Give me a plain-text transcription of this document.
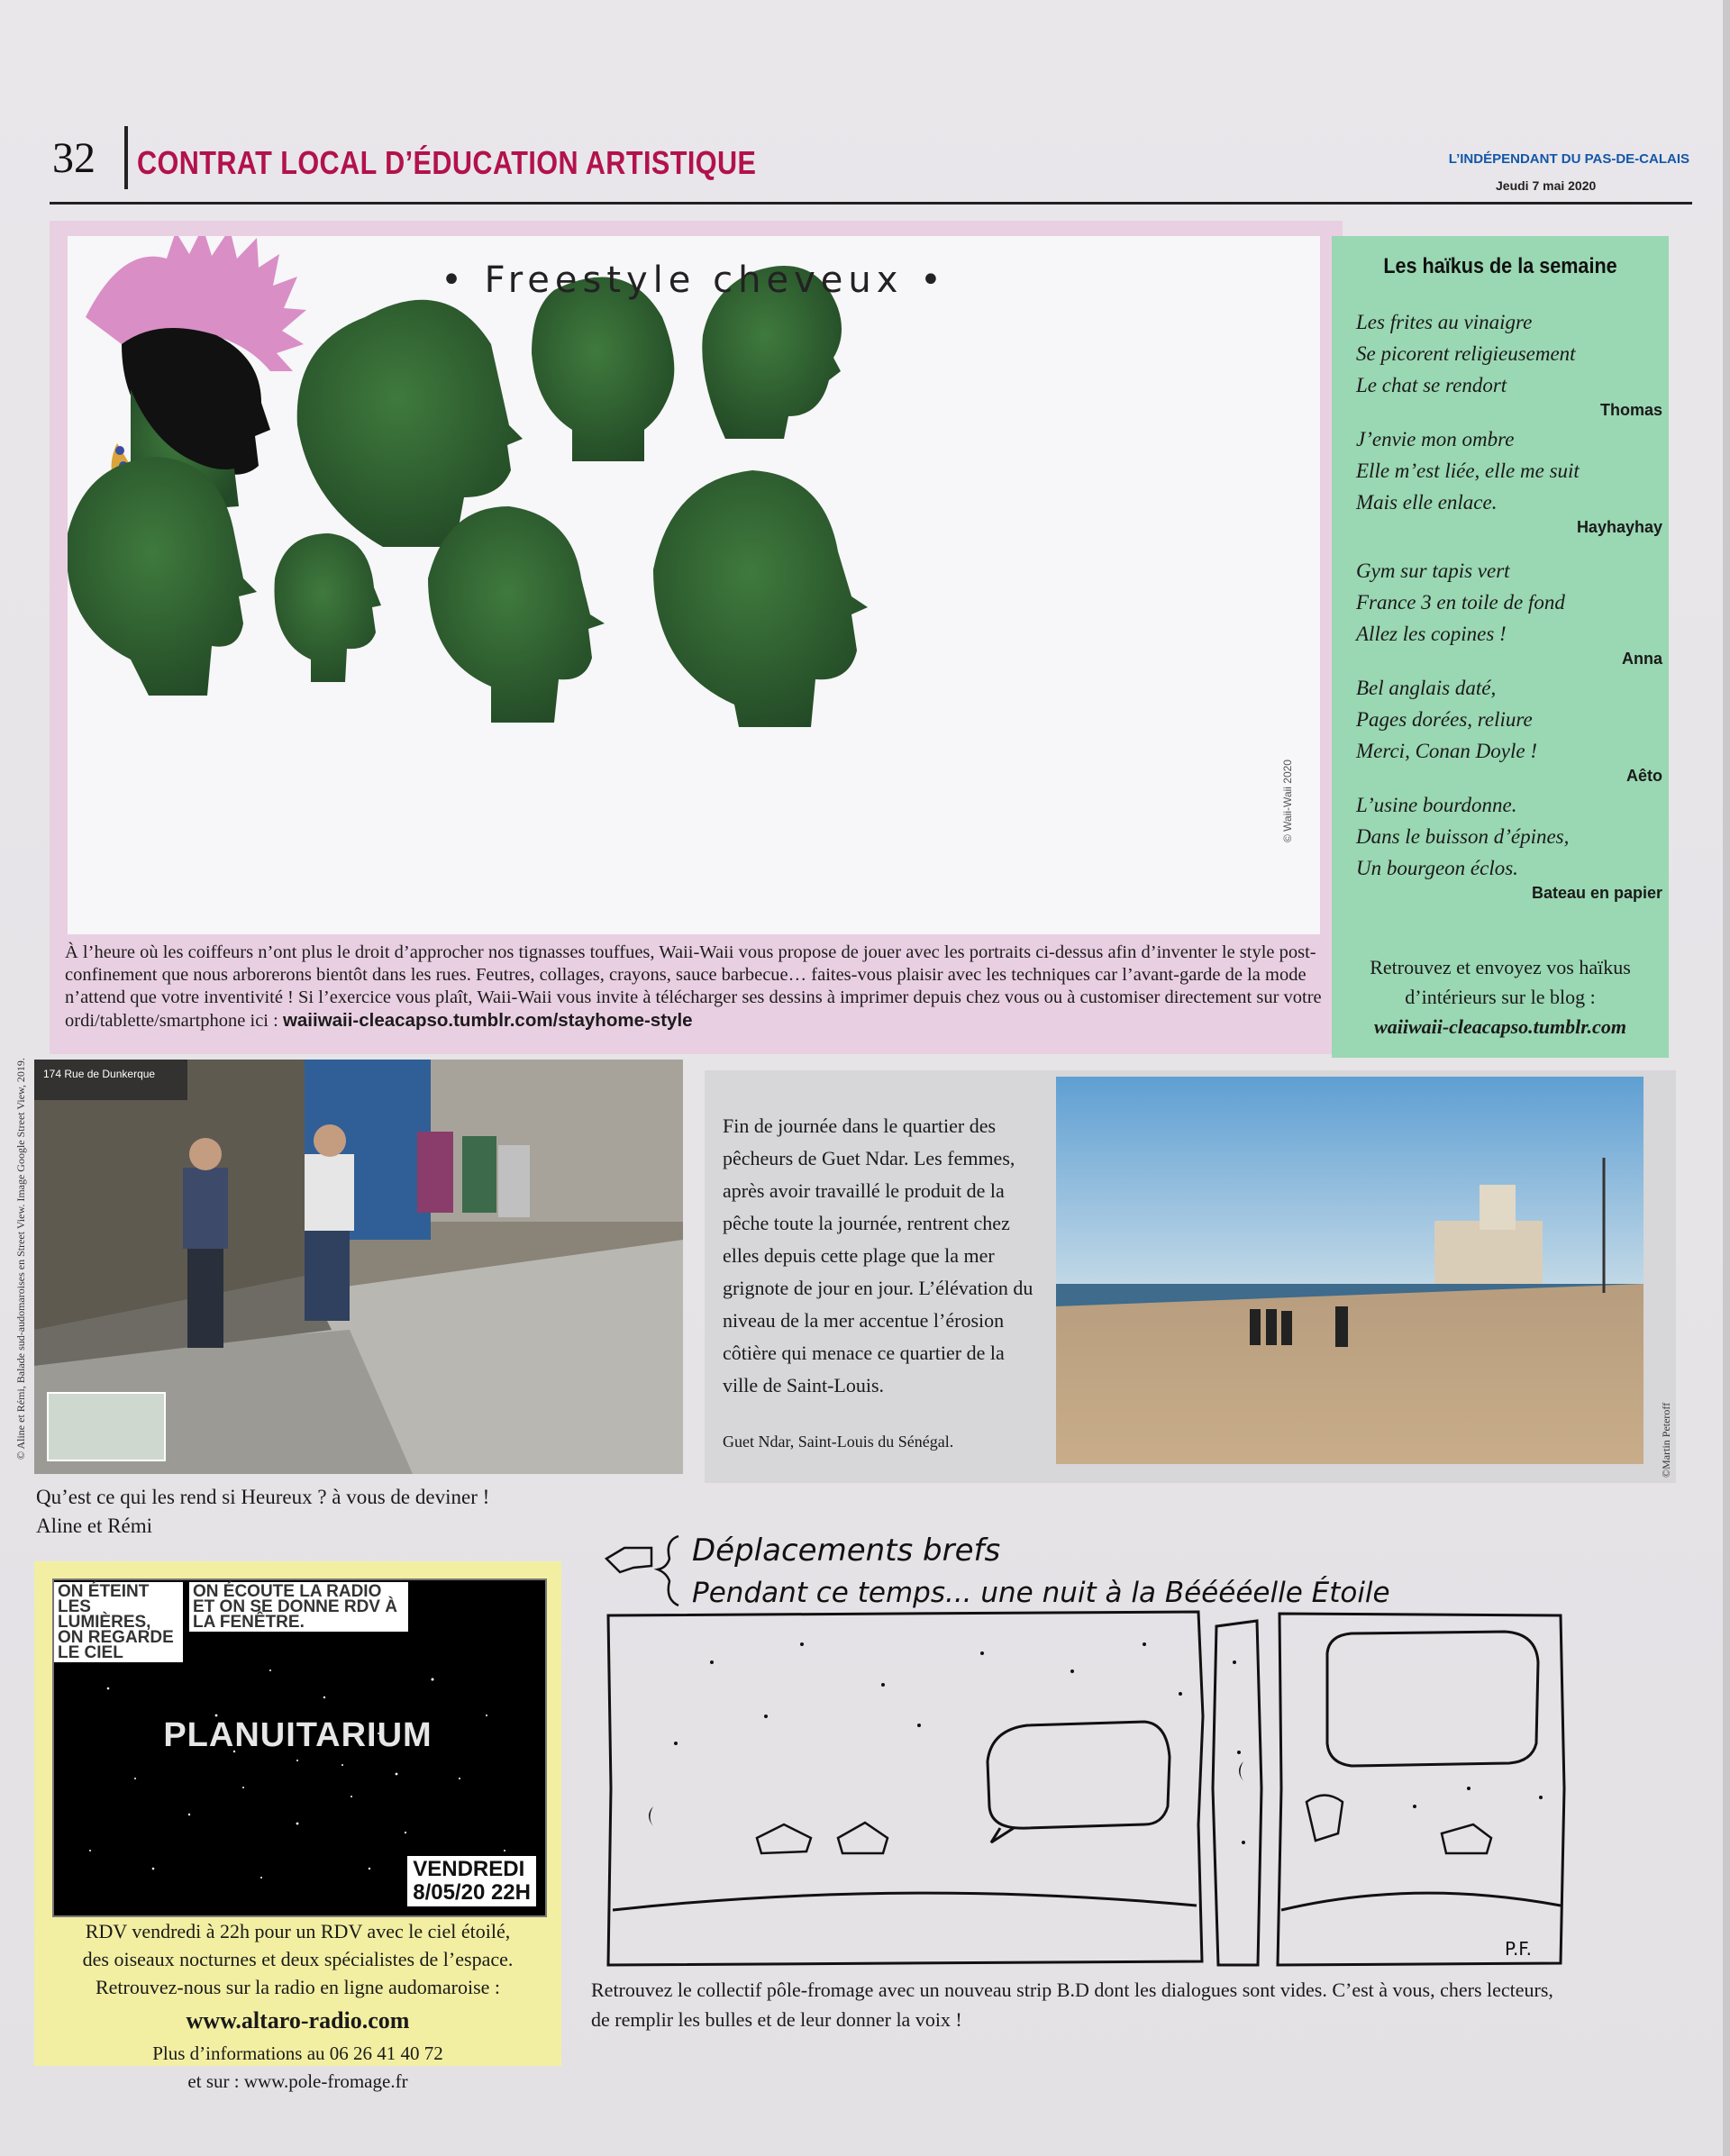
32 CONTRAT LOCAL D’ÉDUCATION ARTISTIQUE	L’INDÉPENDANT DU PAS-DE-CALAIS
Jeudi 7 mai 2020
• Freestyle cheveux •
© Waii-Waii 2020
À l’heure où les coiffeurs n’ont plus le droit d’approcher nos tignasses touffues, Waii-Waii vous propose de jouer avec les portraits ci-dessus afin d’inventer le style post-confinement que nous arborerons bientôt dans les rues. Feutres, collages, crayons, sauce barbecue… faites-vous plaisir avec les techniques car l’avant-garde de la mode n’attend que votre inventivité ! Si l’exercice vous plaît, Waii-Waii vous invite à télécharger ses dessins à imprimer depuis chez vous ou à customiser directement sur votre ordi/tablette/smartphone ici : waiiwaii-cleacapso.tumblr.com/stayhome-style
Les haïkus de la semaine
Les frites au vinaigre
Se picorent religieusement
Le chat se rendort
Thomas
J’envie mon ombre
Elle m’est liée, elle me suit
Mais elle enlace.
Hayhayhay
Gym sur tapis vert
France 3 en toile de fond
Allez les copines !
Anna
Bel anglais daté,
Pages dorées, reliure
Merci, Conan Doyle !
Aêto
L’usine bourdonne.
Dans le buisson d’épines,
Un bourgeon éclos.
Bateau en papier
Retrouvez et envoyez vos haïkus
d’intérieurs sur le blog :
waiiwaii-cleacapso.tumblr.com
174 Rue de Dunkerque
© Aline et Rémi, Balade sud-audomaroises en Street View. Image Google Street View, 2019.
Qu’est ce qui les rend si Heureux ? à vous de deviner !
Aline et Rémi
Fin de journée dans le quartier des pêcheurs de Guet Ndar. Les femmes, après avoir travaillé le produit de la pêche toute la journée, rentrent chez elles depuis cette plage que la mer grignote de jour en jour. L’élévation du niveau de la mer accentue l’érosion côtière qui menace ce quartier de la ville de Saint-Louis.
Guet Ndar, Saint-Louis du Sénégal.	©Martin Peteroff
ON ÉTEINT LES LUMIÈRES, ON REGARDE LE CIEL
ON ÉCOUTE LA RADIO ET ON SE DONNE RDV À LA FENÊTRE.
VENDREDI
8/05/20 22H
PLANUITARIUM
RDV vendredi à 22h pour un RDV avec le ciel étoilé,
des oiseaux nocturnes et deux spécialistes de l’espace.
Retrouvez-nous sur la radio en ligne audomaroise :
www.altaro-radio.com
Plus d’informations au 06 26 41 40 72
et sur : www.pole-fromage.fr
Déplacements brefs
Pendant ce temps... une nuit à la Bééééelle Étoile
P.F.
Retrouvez le collectif pôle-fromage avec un nouveau strip B.D dont les dialogues sont vides. C’est à vous, chers lecteurs,
de remplir les bulles et de leur donner la voix !
